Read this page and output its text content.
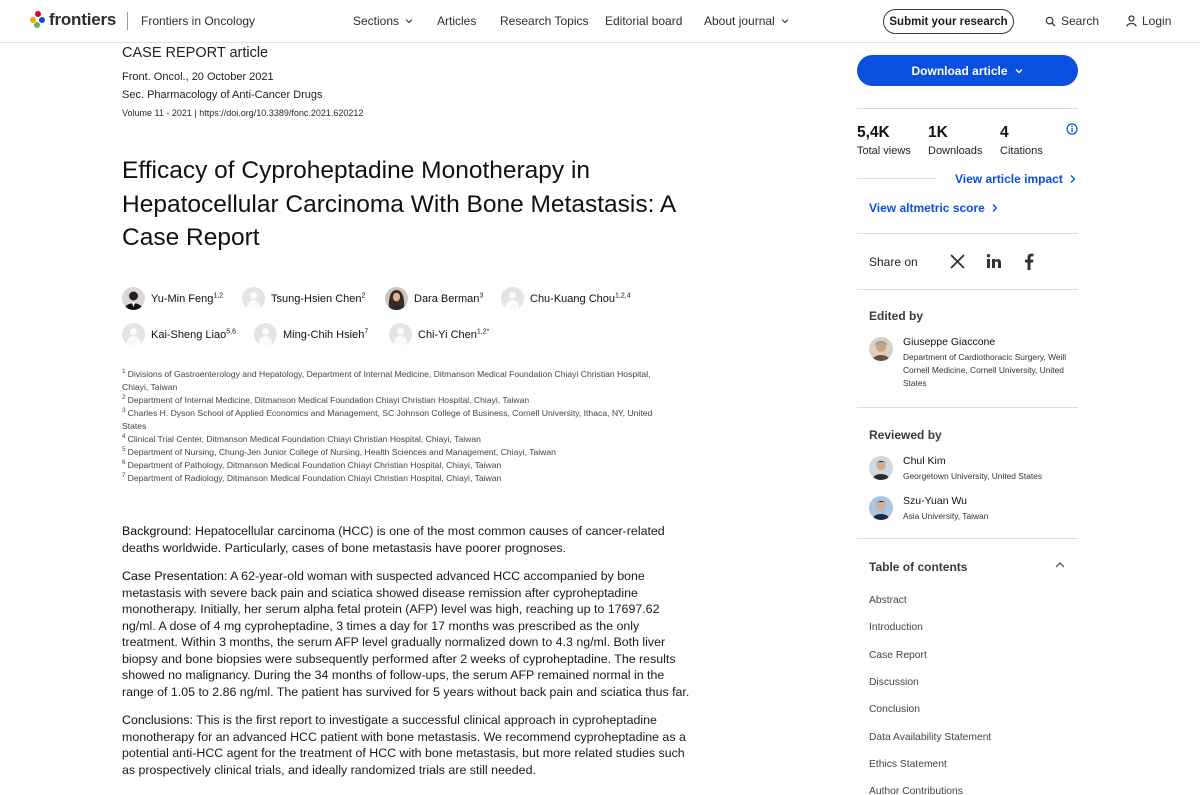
frontiers Frontiers in Oncology	Sections	Articles Research Topics Editorial board About journal	Submit your research	Search	Login
CASE REPORT article
Front. Oncol., 20 October 2021
Sec. Pharmacology of Anti-Cancer Drugs
Volume 11 - 2021 | https://doi.org/10.3389/fonc.2021.620212
Efficacy of Cyproheptadine Monotherapy in Hepatocellular Carcinoma With Bone Metastasis: A Case Report
Yu-Min Feng$^{1,2}$	Tsung-Hsien Chen$^2$	Dara Berman$^3$	Chu-Kuang Chou$^{1,2,4}$
Kai-Sheng Liao$^{5,6}$	Ming-Chih Hsieh$^7$	Chi-Yi Chen$^{1,2*}$
$^1$ Divisions of Gastroenterology and Hepatology, Department of Internal Medicine, Ditmanson Medical Foundation Chiayi Christian Hospital, Chiayi, Taiwan
$^2$ Department of Internal Medicine, Ditmanson Medical Foundation Chiayi Christian Hospital, Chiayi, Taiwan
$^3$ Charles H. Dyson School of Applied Economics and Management, SC Johnson College of Business, Cornell University, Ithaca, NY, United States
$^4$ Clinical Trial Center, Ditmanson Medical Foundation Chiayi Christian Hospital, Chiayi, Taiwan
$^5$ Department of Nursing, Chung-Jen Junior College of Nursing, Health Sciences and Management, Chiayi, Taiwan
$^6$ Department of Pathology, Ditmanson Medical Foundation Chiayi Christian Hospital, Chiayi, Taiwan
$^7$ Department of Radiology, Ditmanson Medical Foundation Chiayi Christian Hospital, Chiayi, Taiwan

Background: Hepatocellular carcinoma (HCC) is one of the most common causes of cancer-related deaths worldwide. Particularly, cases of bone metastasis have poorer prognoses.

Case Presentation: A 62-year-old woman with suspected advanced HCC accompanied by bone metastasis with severe back pain and sciatica showed disease remission after cyproheptadine monotherapy. Initially, her serum alpha fetal protein (AFP) level was high, reaching up to 17697.62 ng/ml. A dose of 4 mg cyproheptadine, 3 times a day for 17 months was prescribed as the only treatment. Within 3 months, the serum AFP level gradually normalized down to 4.3 ng/ml. Both liver biopsy and bone biopsies were subsequently performed after 2 weeks of cyproheptadine. The results showed no malignancy. During the 34 months of follow-ups, the serum AFP remained normal in the range of 1.05 to 2.86 ng/ml. The patient has survived for 5 years without back pain and sciatica thus far.

Conclusions: This is the first report to investigate a successful clinical approach in cyproheptadine monotherapy for an advanced HCC patient with bone metastasis. We recommend cyproheptadine as a potential anti-HCC agent for the treatment of HCC with bone metastasis, but more related studies such as prospectively clinical trials, and ideally randomized trials are still needed.

Download article
5,4K
Total views
1K
Downloads
4
Citations
View article impact
View altmetric score
Share on
Edited by
Giuseppe Giaccone
Department of Cardiothoracic Surgery, Weill Cornell Medicine, Cornell University, United States
Reviewed by
Chul Kim
Georgetown University, United States
Szu-Yuan Wu
Asia University, Taiwan
Table of contents
Abstract
Introduction
Case Report
Discussion
Conclusion
Data Availability Statement
Ethics Statement
Author Contributions
